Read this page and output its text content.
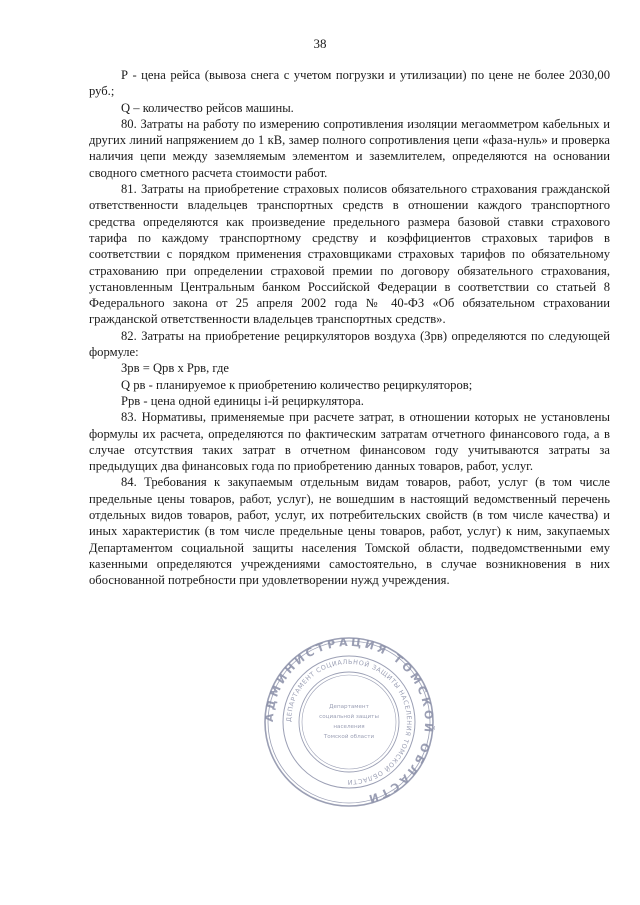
38

Р - цена рейса (вывоза снега с учетом погрузки и утилизации) по цене не более 2030,00 руб.;

Q – количество рейсов машины.

80. Затраты на работу по измерению сопротивления изоляции мегаомметром кабельных и других линий напряжением до 1 кВ, замер полного сопротивления цепи «фаза-нуль» и проверка наличия цепи между заземляемым элементом и заземлителем, определяются на основании сводного сметного расчета стоимости работ.

81. Затраты на приобретение страховых полисов обязательного страхования гражданской ответственности владельцев транспортных средств в отношении каждого транспортного средства определяются как произведение предельного размера базовой ставки страхового тарифа по каждому транспортному средству и коэффициентов страховых тарифов в соответствии с порядком применения страховщиками страховых тарифов по обязательному страхованию при определении страховой премии по договору обязательного страхования, установленным Центральным банком Российской Федерации в соответствии со статьей 8 Федерального закона от 25 апреля 2002 года № 40-ФЗ «Об обязательном страховании гражданской ответственности владельцев транспортных средств».

82. Затраты на приобретение рециркуляторов воздуха (Зрв) определяются по следующей формуле:

Зрв = Qрв х Ррв, где

Q рв - планируемое к приобретению количество рециркуляторов;

Ррв - цена одной единицы i-й рециркулятора.

83. Нормативы, применяемые при расчете затрат, в отношении которых не установлены формулы их расчета, определяются по фактическим затратам отчетного финансового года, а в случае отсутствия таких затрат в отчетном финансовом году учитываются затраты за предыдущих два финансовых года по приобретению данных товаров, работ, услуг.

84. Требования к закупаемым отдельным видам товаров, работ, услуг (в том числе предельные цены товаров, работ, услуг), не вошедшим в настоящий ведомственный перечень отдельных видов товаров, работ, услуг, их потребительских свойств (в том числе качества) и иных характеристик (в том числе предельные цены товаров, работ, услуг) к ним, закупаемых Департаментом социальной защиты населения Томской области, подведомственными ему казенными определяются учреждениями самостоятельно, в случае возникновения в них обоснованной потребности при удовлетворении нужд учреждения.

АДМИНИСТРАЦИЯ ТОМСКОЙ ОБЛАСТИ
ДЕПАРТАМЕНТ СОЦИАЛЬНОЙ ЗАЩИТЫ НАСЕЛЕНИЯ ТОМСКОЙ ОБЛАСТИ
Департамент
социальной защиты
населения
Томской области
